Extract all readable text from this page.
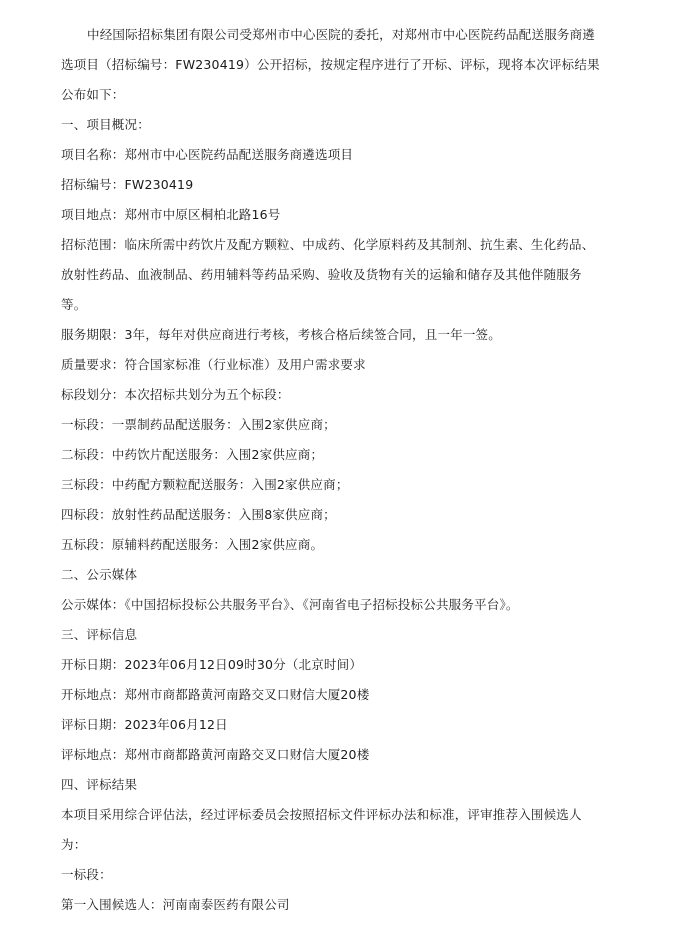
中经国际招标集团有限公司受郑州市中心医院的委托，对郑州市中心医院药品配送服务商遴选项目（招标编号：FW230419）公开招标，按规定程序进行了开标、评标，现将本次评标结果公布如下：

一、项目概况：

项目名称：郑州市中心医院药品配送服务商遴选项目

招标编号：FW230419

项目地点：郑州市中原区桐柏北路16号

招标范围：临床所需中药饮片及配方颗粒、中成药、化学原料药及其制剂、抗生素、生化药品、放射性药品、血液制品、药用辅料等药品采购、验收及货物有关的运输和储存及其他伴随服务等。

服务期限：3年，每年对供应商进行考核，考核合格后续签合同，且一年一签。

质量要求：符合国家标准（行业标准）及用户需求要求

标段划分：本次招标共划分为五个标段：

一标段：一票制药品配送服务：入围2家供应商；

二标段：中药饮片配送服务：入围2家供应商；

三标段：中药配方颗粒配送服务：入围2家供应商；

四标段：放射性药品配送服务：入围8家供应商；

五标段：原辅料药配送服务：入围2家供应商。

二、公示媒体

公示媒体：《中国招标投标公共服务平台》、《河南省电子招标投标公共服务平台》。

三、评标信息

开标日期：2023年06月12日09时30分（北京时间）

开标地点：郑州市商都路黄河南路交叉口财信大厦20楼

评标日期：2023年06月12日

评标地点：郑州市商都路黄河南路交叉口财信大厦20楼

四、评标结果

本项目采用综合评估法，经过评标委员会按照招标文件评标办法和标准，评审推荐入围候选人为：

一标段：

第一入围候选人：河南南泰医药有限公司
